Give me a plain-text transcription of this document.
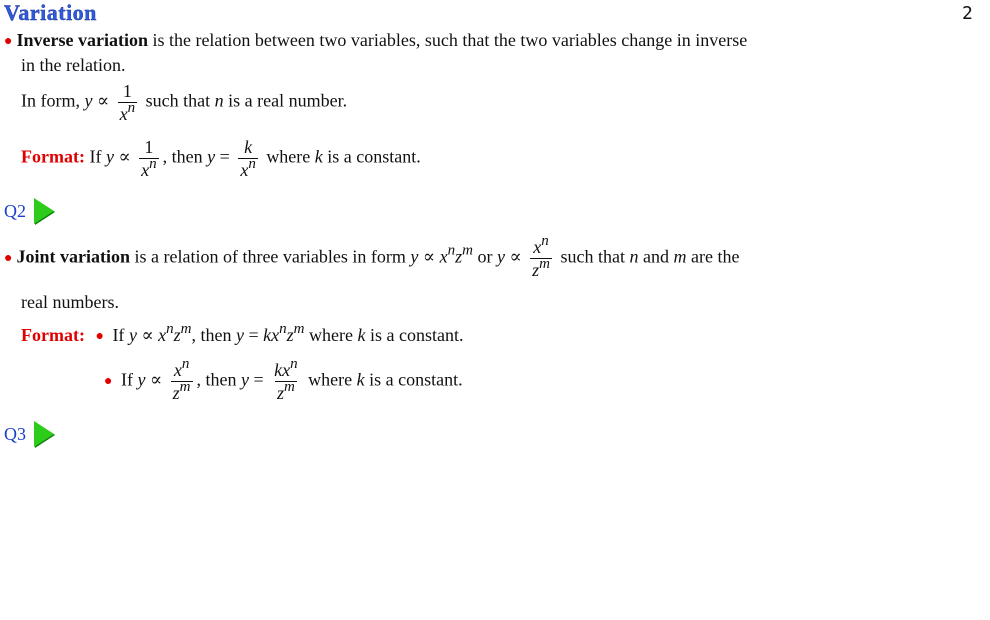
Variation	2
● Inverse variation is the relation between two variables, such that the two variables change in inverse
in the relation.
In form, $y \propto \frac{1}{x^n}$ such that n is a real number.
Format: If $y \propto \frac{1}{x^n}$ , then $y = \frac{k}{x^n}$ where k is a constant.
Q2
● Joint variation is a relation of three variables in form $y \propto x^nz^m$ or $y \propto \frac{x^n}{z^m}$ such that n and m are the
real numbers.
Format: ● If $y \propto x^nz^m$, then $y = kx^nz^m$ where k is a constant.
● If $y \propto \frac{x^n}{z^m}$ , then $y = \frac{kx^n}{z^m}$ where k is a constant.
Q3
